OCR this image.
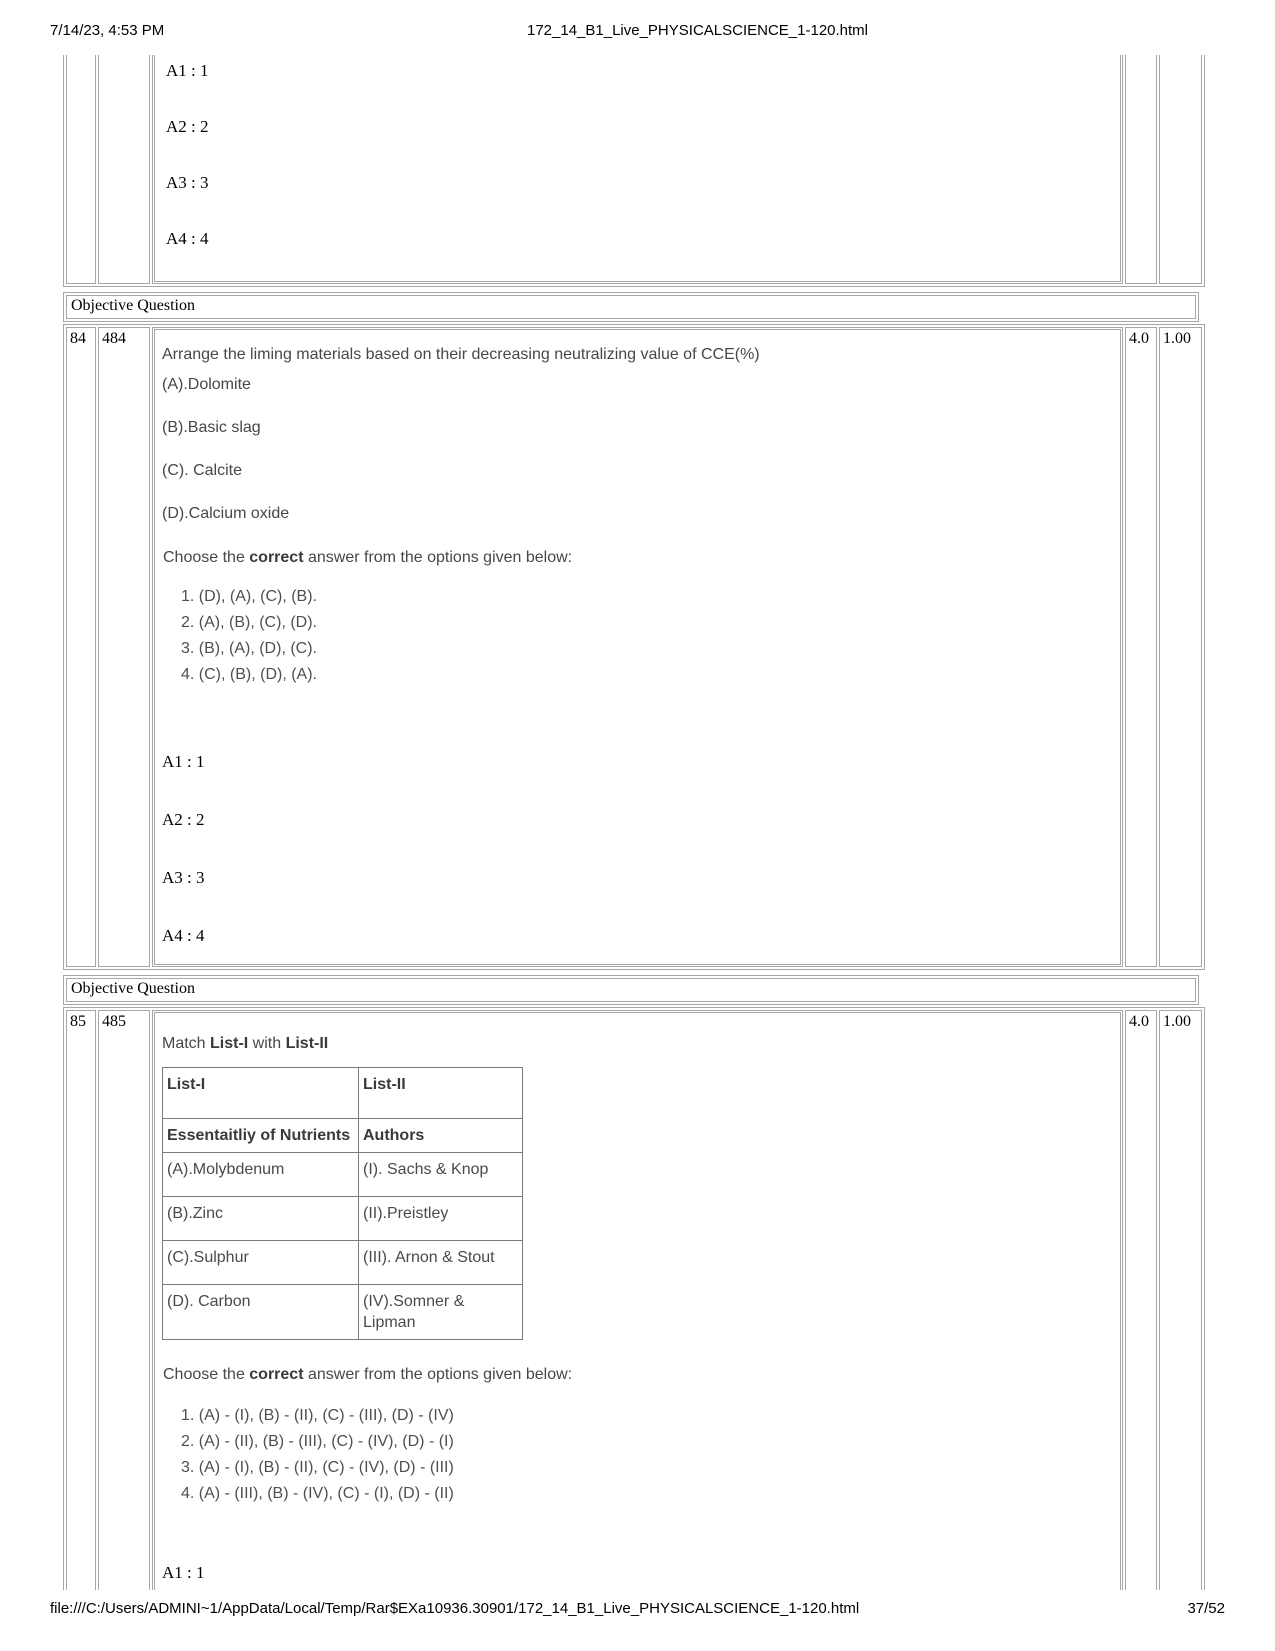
7/14/23, 4:53 PM	172_14_B1_Live_PHYSICALSCIENCE_1-120.html

A1 : 1
A2 : 2
A3 : 3
A4 : 4

Objective Question
84	484

Arrange the liming materials based on their decreasing neutralizing value of CCE(%)
(A).Dolomite
(B).Basic slag
(C). Calcite
(D).Calcium oxide
Choose the correct answer from the options given below:
1. (D), (A), (C), (B).
2. (A), (B), (C), (D).
3. (B), (A), (D), (C).
4. (C), (B), (D), (A).
A1 : 1
A2 : 2
A3 : 3
A4 : 4

4.0	1.00
Objective Question
85	485

Match List-I with List-II
List-I	List-II
Essentaitliy of Nutrients	Authors
(A).Molybdenum	(I). Sachs & Knop
(B).Zinc	(II).Preistley
(C).Sulphur	(III). Arnon & Stout
(D). Carbon	(IV).Somner & Lipman
Choose the correct answer from the options given below:
1. (A) - (I), (B) - (II), (C) - (III), (D) - (IV)
2. (A) - (II), (B) - (III), (C) - (IV), (D) - (I)
3. (A) - (I), (B) - (II), (C) - (IV), (D) - (III)
4. (A) - (III), (B) - (IV), (C) - (I), (D) - (II)
A1 : 1

4.0	1.00
file:///C:/Users/ADMINI~1/AppData/Local/Temp/Rar$EXa10936.30901/172_14_B1_Live_PHYSICALSCIENCE_1-120.html	37/52
